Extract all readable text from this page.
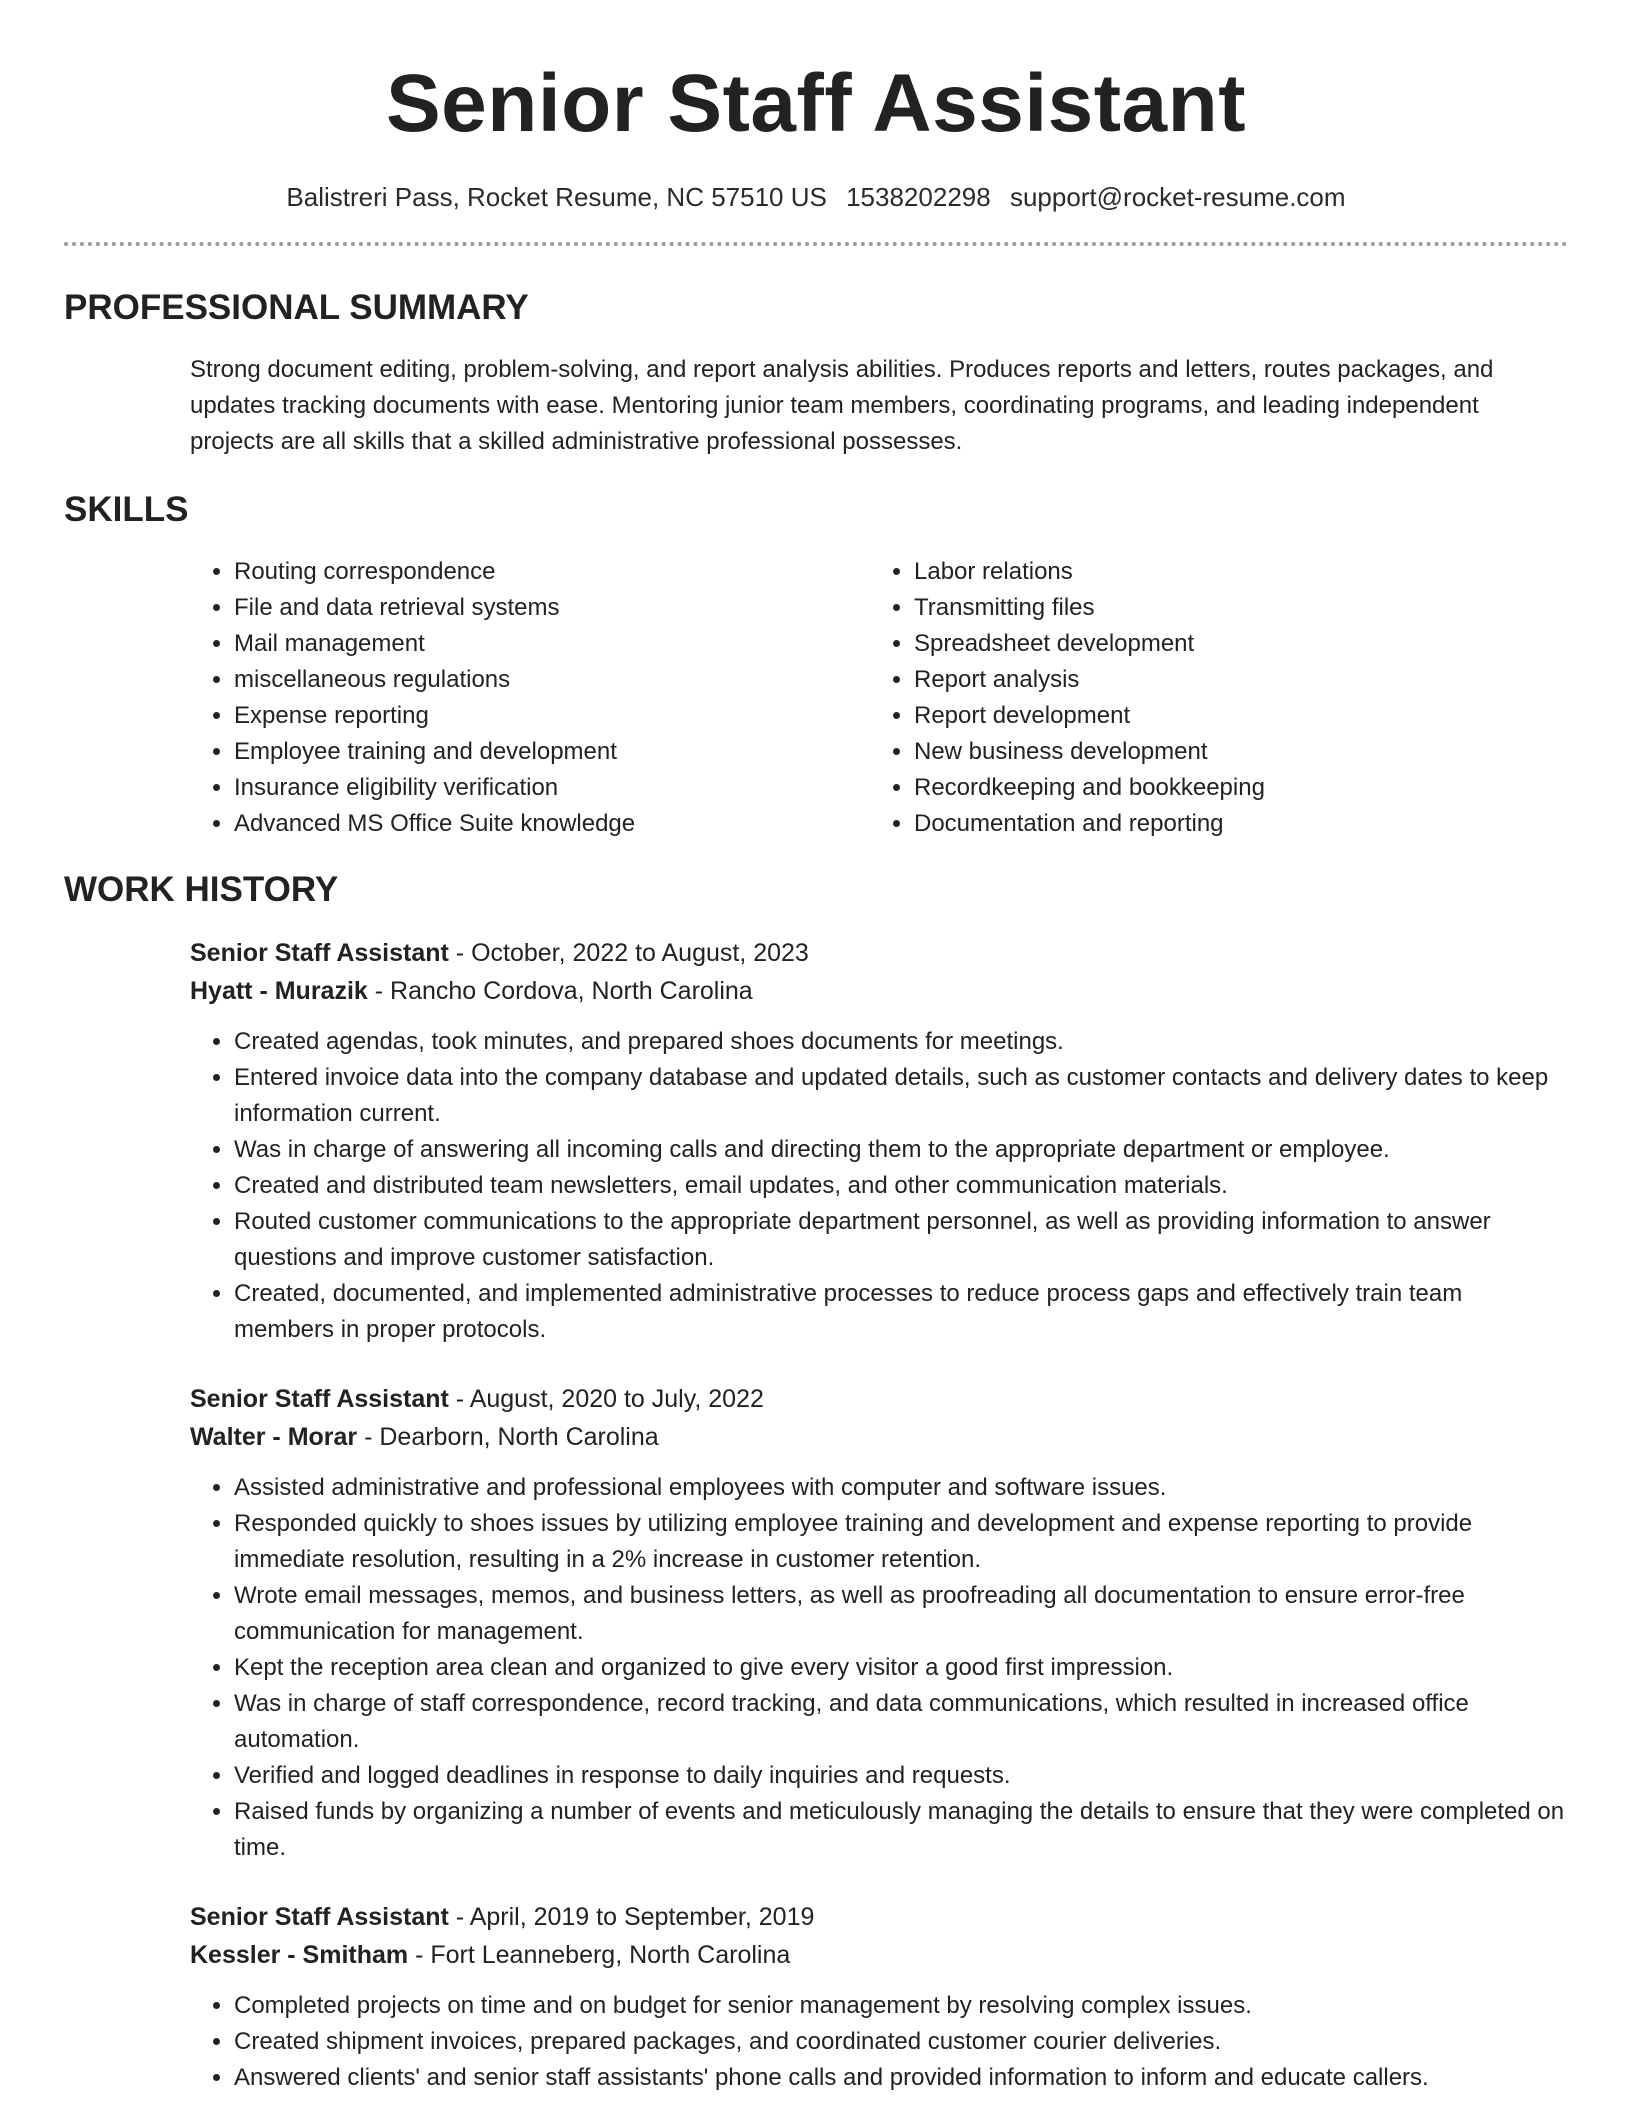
Senior Staff Assistant
Balistreri Pass, Rocket Resume, NC 57510 US 1538202298 support@rocket-resume.com
PROFESSIONAL SUMMARY

Strong document editing, problem-solving, and report analysis abilities. Produces reports and letters, routes packages, and updates tracking documents with ease. Mentoring junior team members, coordinating programs, and leading independent projects are all skills that a skilled administrative professional possesses.

SKILLS
• Routing correspondence
• File and data retrieval systems
• Mail management
• miscellaneous regulations
• Expense reporting
• Employee training and development
• Insurance eligibility verification
• Advanced MS Office Suite knowledge
• Labor relations
• Transmitting files
• Spreadsheet development
• Report analysis
• Report development
• New business development
• Recordkeeping and bookkeeping
• Documentation and reporting
WORK HISTORY
Senior Staff Assistant - October, 2022 to August, 2023
Hyatt - Murazik - Rancho Cordova, North Carolina
• Created agendas, took minutes, and prepared shoes documents for meetings.
• Entered invoice data into the company database and updated details, such as customer contacts and delivery dates to keep information current.
• Was in charge of answering all incoming calls and directing them to the appropriate department or employee.
• Created and distributed team newsletters, email updates, and other communication materials.
• Routed customer communications to the appropriate department personnel, as well as providing information to answer questions and improve customer satisfaction.
• Created, documented, and implemented administrative processes to reduce process gaps and effectively train team members in proper protocols.
Senior Staff Assistant - August, 2020 to July, 2022
Walter - Morar - Dearborn, North Carolina
• Assisted administrative and professional employees with computer and software issues.
• Responded quickly to shoes issues by utilizing employee training and development and expense reporting to provide immediate resolution, resulting in a 2% increase in customer retention.
• Wrote email messages, memos, and business letters, as well as proofreading all documentation to ensure error-free communication for management.
• Kept the reception area clean and organized to give every visitor a good first impression.
• Was in charge of staff correspondence, record tracking, and data communications, which resulted in increased office automation.
• Verified and logged deadlines in response to daily inquiries and requests.
• Raised funds by organizing a number of events and meticulously managing the details to ensure that they were completed on time.
Senior Staff Assistant - April, 2019 to September, 2019
Kessler - Smitham - Fort Leanneberg, North Carolina
• Completed projects on time and on budget for senior management by resolving complex issues.
• Created shipment invoices, prepared packages, and coordinated customer courier deliveries.
• Answered clients' and senior staff assistants' phone calls and provided information to inform and educate callers.
